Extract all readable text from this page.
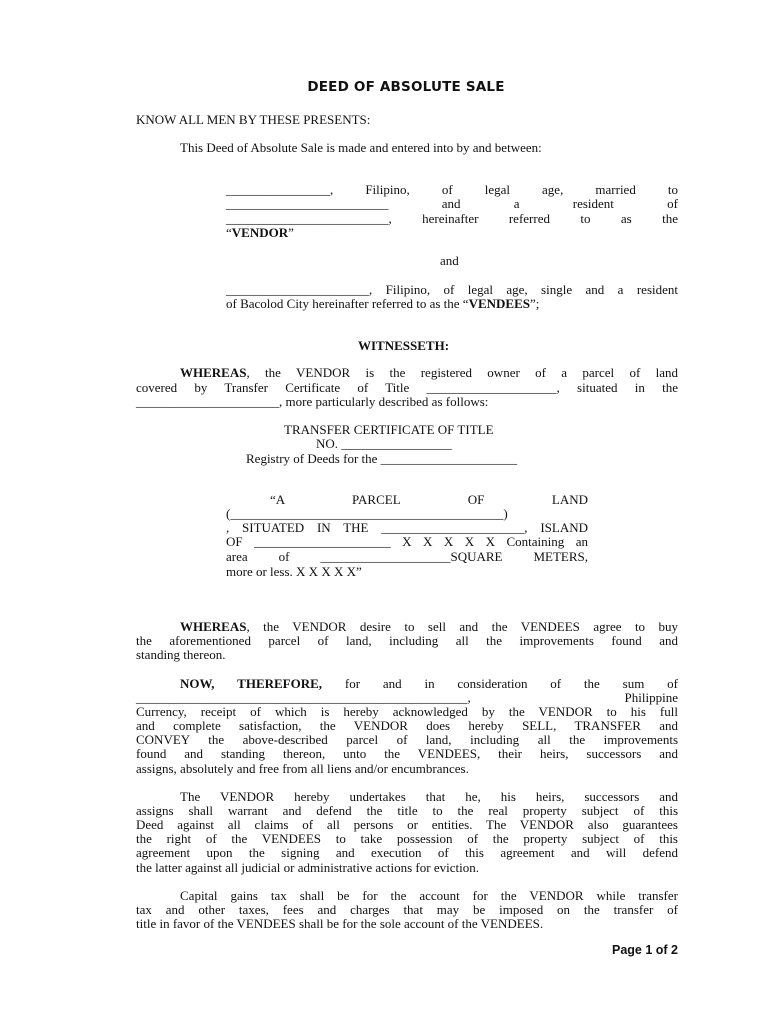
DEED OF ABSOLUTE SALE
KNOW ALL MEN BY THESE PRESENTS:
This Deed of Absolute Sale is made and entered into by and between:
________________, Filipino, of legal age, married to
_________________________ and a resident of
_________________________, hereinafter referred to as the
“VENDOR”
and
______________________, Filipino, of legal age, single and a resident
of Bacolod City hereinafter referred to as the “VENDEES”;
WITNESSETH:
WHEREAS, the VENDOR is the registered owner of a parcel of land
covered by Transfer Certificate of Title ____________________, situated in the
______________________, more particularly described as follows:
TRANSFER CERTIFICATE OF TITLE
NO. _________________
Registry of Deeds for the _____________________
“A PARCEL OF LAND
(__________________________________________)
, SITUATED IN THE ______________________, ISLAND
OF _____________________ X X X X X Containing an
area of ____________________SQUARE METERS,
more or less. X X X X X”
WHEREAS, the VENDOR desire to sell and the VENDEES agree to buy
the aforementioned parcel of land, including all the improvements found and
standing thereon.
NOW, THEREFORE, for and in consideration of the sum of
___________________________________________________, Philippine
Currency, receipt of which is hereby acknowledged by the VENDOR to his full
and complete satisfaction, the VENDOR does hereby SELL, TRANSFER and
CONVEY the above-described parcel of land, including all the improvements
found and standing thereon, unto the VENDEES, their heirs, successors and
assigns, absolutely and free from all liens and/or encumbrances.
The VENDOR hereby undertakes that he, his heirs, successors and
assigns shall warrant and defend the title to the real property subject of this
Deed against all claims of all persons or entities. The VENDOR also guarantees
the right of the VENDEES to take possession of the property subject of this
agreement upon the signing and execution of this agreement and will defend
the latter against all judicial or administrative actions for eviction.
Capital gains tax shall be for the account for the VENDOR while transfer
tax and other taxes, fees and charges that may be imposed on the transfer of
title in favor of the VENDEES shall be for the sole account of the VENDEES.
Page 1 of 2
